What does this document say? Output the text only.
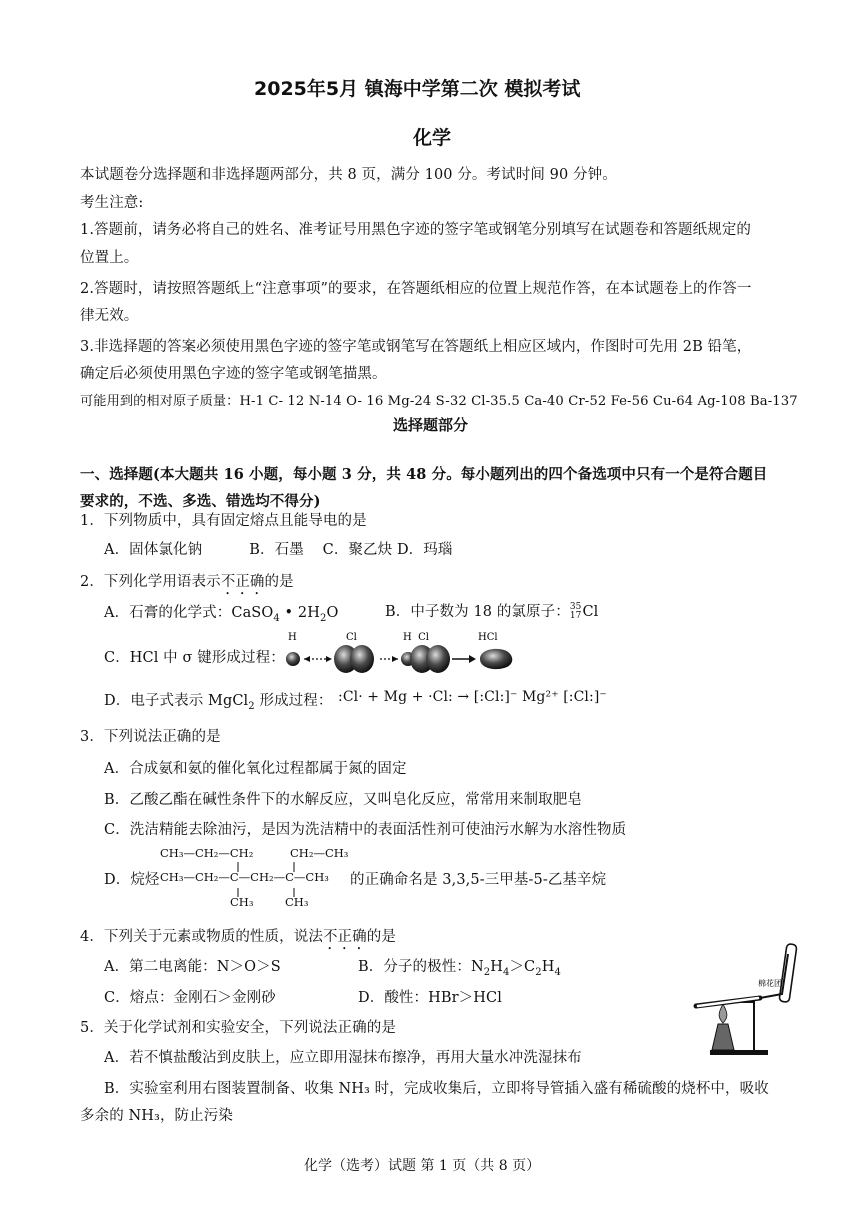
2025年5月 镇海中学第二次 模拟考试
化学
本试题卷分选择题和非选择题两部分，共 8 页，满分 100 分。考试时间 90 分钟。
考生注意:
1.答题前，请务必将自己的姓名、准考证号用黑色字迹的签字笔或钢笔分别填写在试题卷和答题纸规定的
位置上。
2.答题时，请按照答题纸上“注意事项”的要求，在答题纸相应的位置上规范作答，在本试题卷上的作答一
律无效。
3.非选择题的答案必须使用黑色字迹的签字笔或钢笔写在答题纸上相应区域内，作图时可先用 2B 铅笔，
确定后必须使用黑色字迹的签字笔或钢笔描黑。
可能用到的相对原子质量：H-1 C- 12 N-14 O- 16 Mg-24 S-32 Cl-35.5 Ca-40 Cr-52 Fe-56 Cu-64 Ag-108 Ba-137
选择题部分
一、选择题(本大题共 16 小题，每小题 3 分，共 48 分。每小题列出的四个备选项中只有一个是符合题目
要求的，不选、多选、错选均不得分)
1．下列物质中，具有固定熔点且能导电的是
A．固体氯化钠          B．石墨    C．聚乙炔 D．玛瑙
2．下列化学用语表示不正确的是
A．石膏的化学式：CaSO$_4$ • $2H_2O$	B．中子数为 18 的氯原子： 35
17 Cl
C．HCl 中 σ 键形成过程：
H	Cl	H  Cl	HCl
D．电子式表示 MgCl$_2$ 形成过程： :Cl· + Mg + ·Cl: → [:Cl:]⁻ Mg²⁺ [:Cl:]⁻
3．下列说法正确的是
A．合成氨和氨的催化氧化过程都属于氮的固定
B．乙酸乙酯在碱性条件下的水解反应，又叫皂化反应，常常用来制取肥皂
C．洗洁精能去除油污，是因为洗洁精中的表面活性剂可使油污水解为水溶性物质
D．烷烃
CH₃—CH₂—CH₂	CH₂—CH₃
CH₃—CH₂—C—CH₂—C—CH₃
CH₃	CH₃
的正确命名是 3,3,5-三甲基-5-乙基辛烷
4．下列关于元素或物质的性质，说法不正确的是
A．第二电离能：N＞O＞S	B．分子的极性：$N_2H_4>C_2H_4$
C．熔点：金刚石＞金刚砂	D．酸性：HBr＞HCl
棉花团
5．关于化学试剂和实验安全，下列说法正确的是
A．若不慎盐酸沾到皮肤上，应立即用湿抹布擦净，再用大量水冲洗湿抹布
B．实验室利用右图装置制备、收集 NH₃ 时，完成收集后，立即将导管插入盛有稀硫酸的烧杯中，吸收
多余的 NH₃，防止污染
化学（选考）试题 第 1 页（共 8 页）
